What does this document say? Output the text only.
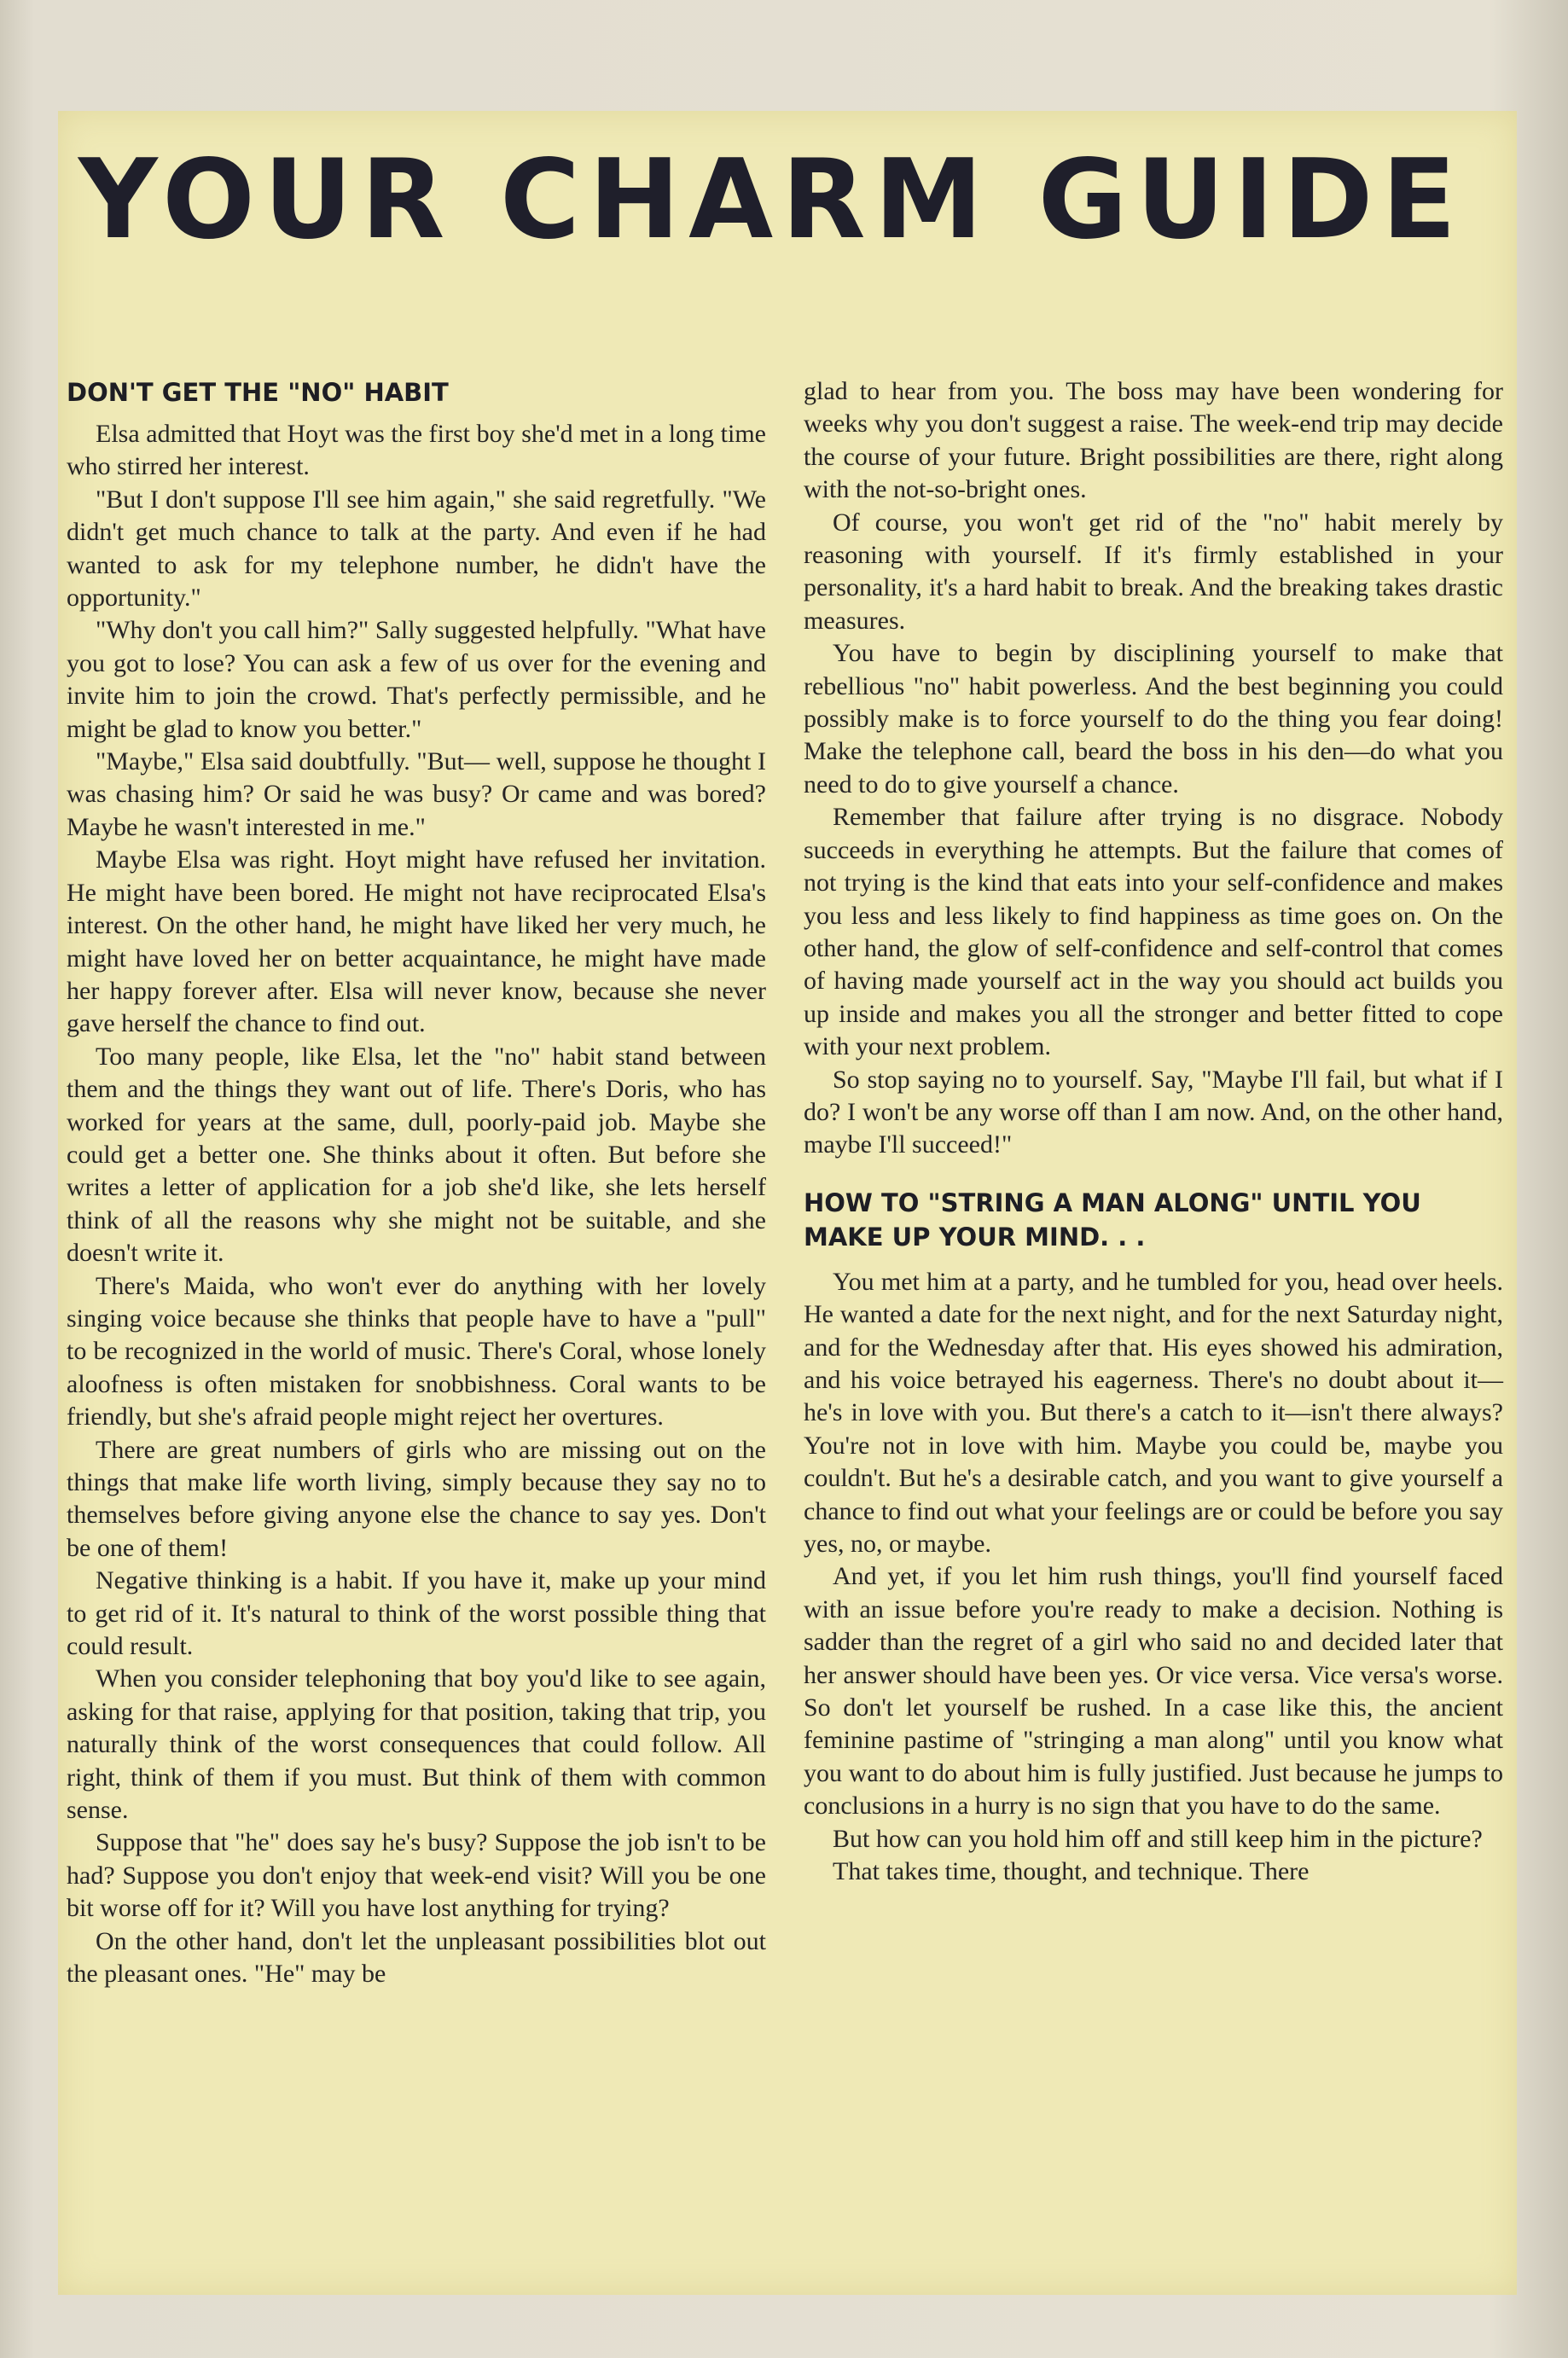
YOUR CHARM GUIDE
DON'T GET THE "NO" HABIT

Elsa admitted that Hoyt was the first boy she'd met in a long time who stirred her interest.

"But I don't suppose I'll see him again," she said regretfully. "We didn't get much chance to talk at the party. And even if he had wanted to ask for my telephone number, he didn't have the opportunity."

"Why don't you call him?" Sally suggested helpfully. "What have you got to lose? You can ask a few of us over for the evening and invite him to join the crowd. That's perfectly permissible, and he might be glad to know you better."

"Maybe," Elsa said doubtfully. "But— well, suppose he thought I was chasing him? Or said he was busy? Or came and was bored? Maybe he wasn't interested in me."

Maybe Elsa was right. Hoyt might have refused her invitation. He might have been bored. He might not have reciprocated Elsa's interest. On the other hand, he might have liked her very much, he might have loved her on better acquaintance, he might have made her happy forever after. Elsa will never know, because she never gave herself the chance to find out.

Too many people, like Elsa, let the "no" habit stand between them and the things they want out of life. There's Doris, who has worked for years at the same, dull, poorly-paid job. Maybe she could get a better one. She thinks about it often. But before she writes a letter of application for a job she'd like, she lets herself think of all the reasons why she might not be suitable, and she doesn't write it.

There's Maida, who won't ever do anything with her lovely singing voice because she thinks that people have to have a "pull" to be recognized in the world of music. There's Coral, whose lonely aloofness is often mistaken for snobbishness. Coral wants to be friendly, but she's afraid people might reject her overtures.

There are great numbers of girls who are missing out on the things that make life worth living, simply because they say no to themselves before giving anyone else the chance to say yes. Don't be one of them!

Negative thinking is a habit. If you have it, make up your mind to get rid of it. It's natural to think of the worst possible thing that could result.

When you consider telephoning that boy you'd like to see again, asking for that raise, applying for that position, taking that trip, you naturally think of the worst consequences that could follow. All right, think of them if you must. But think of them with common sense.

Suppose that "he" does say he's busy? Suppose the job isn't to be had? Suppose you don't enjoy that week-end visit? Will you be one bit worse off for it? Will you have lost anything for trying?

On the other hand, don't let the unpleasant possibilities blot out the pleasant ones. "He" may be

glad to hear from you. The boss may have been wondering for weeks why you don't suggest a raise. The week-end trip may decide the course of your future. Bright possibilities are there, right along with the not-so-bright ones.

Of course, you won't get rid of the "no" habit merely by reasoning with yourself. If it's firmly established in your personality, it's a hard habit to break. And the breaking takes drastic measures.

You have to begin by disciplining yourself to make that rebellious "no" habit powerless. And the best beginning you could possibly make is to force yourself to do the thing you fear doing! Make the telephone call, beard the boss in his den—do what you need to do to give yourself a chance.

Remember that failure after trying is no disgrace. Nobody succeeds in everything he attempts. But the failure that comes of not trying is the kind that eats into your self-confidence and makes you less and less likely to find happiness as time goes on. On the other hand, the glow of self-confidence and self-control that comes of having made yourself act in the way you should act builds you up inside and makes you all the stronger and better fitted to cope with your next problem.

So stop saying no to yourself. Say, "Maybe I'll fail, but what if I do? I won't be any worse off than I am now. And, on the other hand, maybe I'll succeed!"

HOW TO "STRING A MAN ALONG" UNTIL YOU MAKE UP YOUR MIND. . .

You met him at a party, and he tumbled for you, head over heels. He wanted a date for the next night, and for the next Saturday night, and for the Wednesday after that. His eyes showed his admiration, and his voice betrayed his eagerness. There's no doubt about it—he's in love with you. But there's a catch to it—isn't there always? You're not in love with him. Maybe you could be, maybe you couldn't. But he's a desirable catch, and you want to give yourself a chance to find out what your feelings are or could be before you say yes, no, or maybe.

And yet, if you let him rush things, you'll find yourself faced with an issue before you're ready to make a decision. Nothing is sadder than the regret of a girl who said no and decided later that her answer should have been yes. Or vice versa. Vice versa's worse. So don't let yourself be rushed. In a case like this, the ancient feminine pastime of "stringing a man along" until you know what you want to do about him is fully justified. Just because he jumps to conclusions in a hurry is no sign that you have to do the same.

But how can you hold him off and still keep him in the picture?

That takes time, thought, and technique. There
